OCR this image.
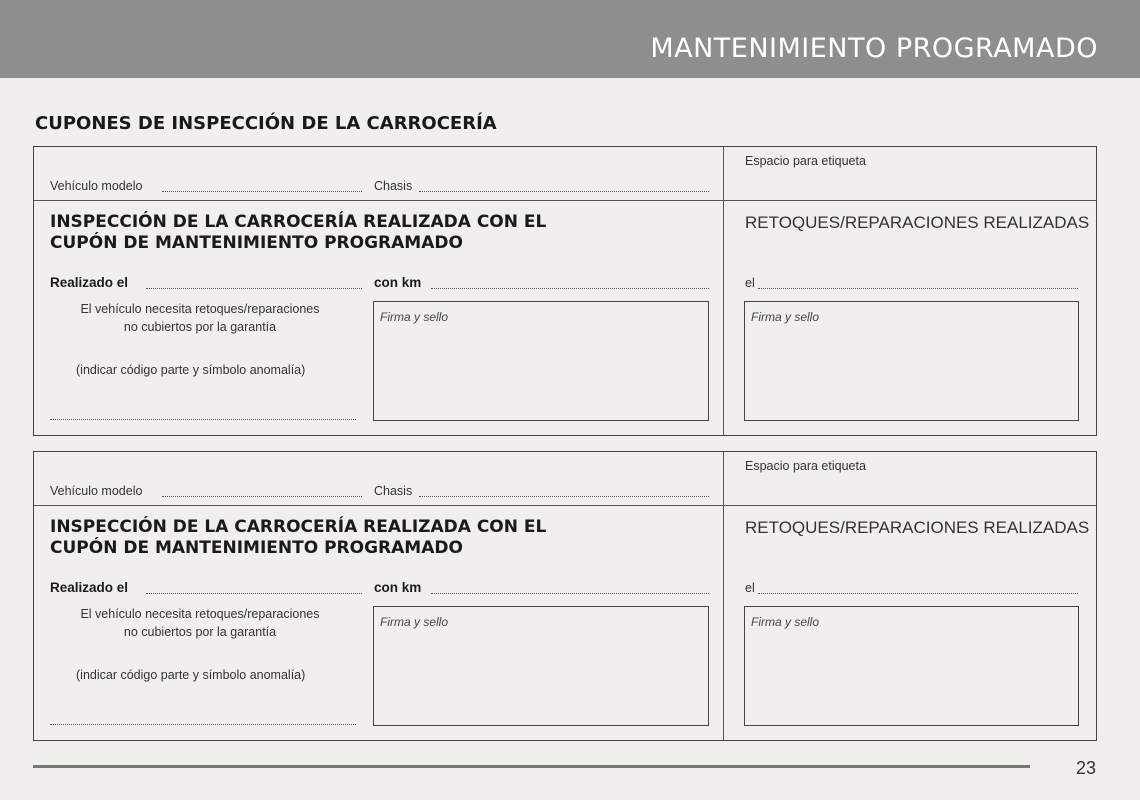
MANTENIMIENTO PROGRAMADO
CUPONES DE INSPECCIÓN DE LA CARROCERÍA
Espacio para etiqueta
Vehículo modelo	Chasis
INSPECCIÓN DE LA CARROCERÍA REALIZADA CON EL
CUPÓN DE MANTENIMIENTO PROGRAMADO
RETOQUES/REPARACIONES REALIZADAS
Realizado el	con km	el
El vehículo necesita retoques/reparaciones
no cubiertos por la garantía
(indicar código parte y símbolo anomalía)
Firma y sello	Firma y sello
Espacio para etiqueta
Vehículo modelo	Chasis
INSPECCIÓN DE LA CARROCERÍA REALIZADA CON EL
CUPÓN DE MANTENIMIENTO PROGRAMADO
RETOQUES/REPARACIONES REALIZADAS
Realizado el	con km	el
El vehículo necesita retoques/reparaciones
no cubiertos por la garantía
(indicar código parte y símbolo anomalía)
Firma y sello	Firma y sello
23
